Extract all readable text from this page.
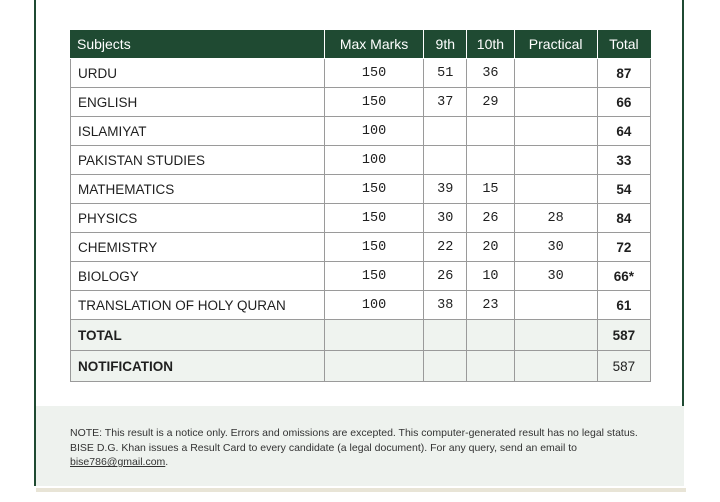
Subjects	Max Marks	9th	10th	Practical	Total
URDU	150	51	36		87
ENGLISH	150	37	29		66
ISLAMIYAT	100				64
PAKISTAN STUDIES	100				33
MATHEMATICS	150	39	15		54
PHYSICS	150	30	26	28	84
CHEMISTRY	150	22	20	30	72
BIOLOGY	150	26	10	30	66*
TRANSLATION OF HOLY QURAN	100	38	23		61
TOTAL					587
NOTIFICATION					587

NOTE: This result is a notice only. Errors and omissions are excepted. This computer-generated result has no legal status. BISE D.G. Khan issues a Result Card to every candidate (a legal document). For any query, send an email to bise786@gmail.com.
